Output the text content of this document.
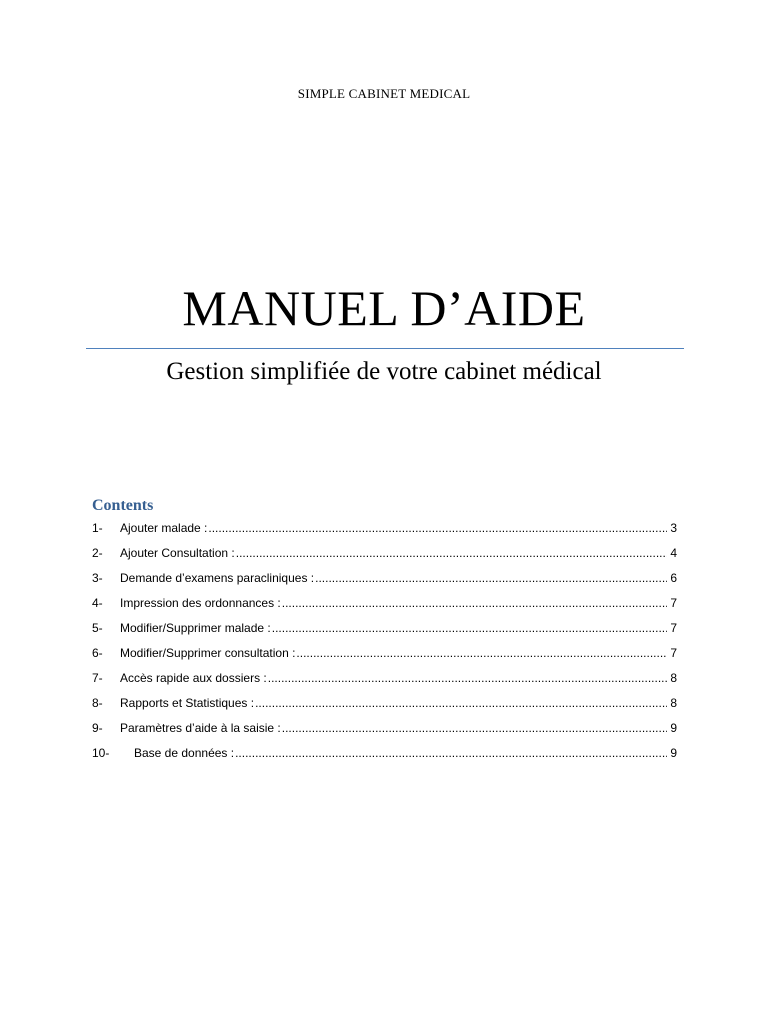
SIMPLE CABINET MEDICAL
MANUEL D’AIDE
Gestion simplifiée de votre cabinet médical
Contents
1-	Ajouter malade : .....	3
2-	Ajouter Consultation : .....	4
3-	Demande d’examens paracliniques : .....	6
4-	Impression des ordonnances : .....	7
5-	Modifier/Supprimer malade : .....	7
6-	Modifier/Supprimer consultation : .....	7
7-	Accès rapide aux dossiers : .....	8
8-	Rapports et Statistiques : .....	8
9-	Paramètres d’aide à la saisie : .....	9
10-	Base de données : .....	9
